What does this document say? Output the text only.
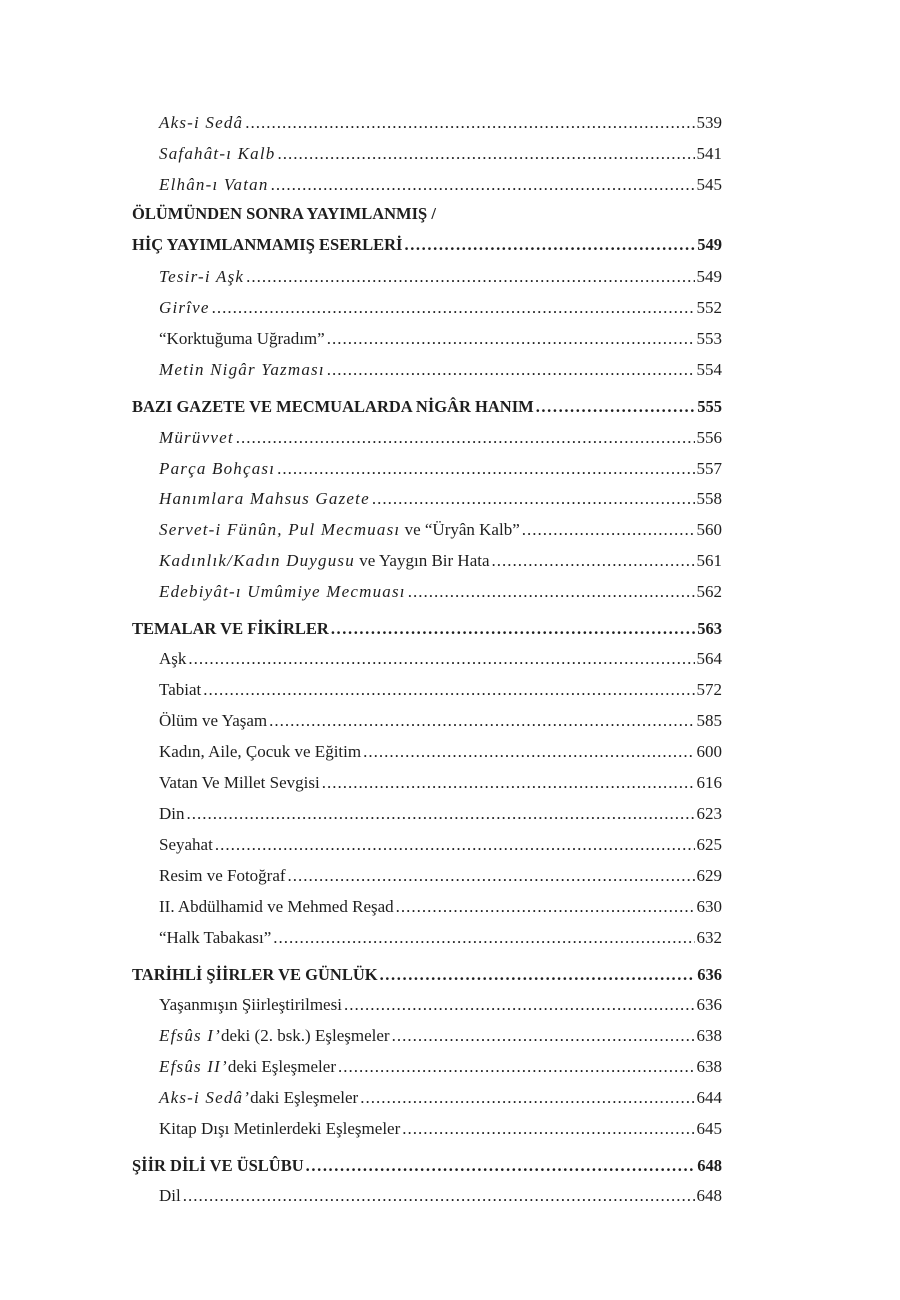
Aks-i Sedâ .....	539
Safahât-ı Kalb .....	541
Elhân-ı Vatan .....	545
ÖLÜMÜNDEN SONRA YAYIMLANMIŞ /
HİÇ YAYIMLANMAMIŞ ESERLERİ .....	549
Tesir-i Aşk .....	549
Girîve .....	552
“Korktuğuma Uğradım” .....	553
Metin Nigâr Yazması .....	554
BAZI GAZETE VE MECMUALARDA NİGÂR HANIM .....	555
Mürüvvet .....	556
Parça Bohçası .....	557
Hanımlara Mahsus Gazete .....	558
Servet-i Fünûn, Pul Mecmuası ve “Üryân Kalb” .....	560
Kadınlık/Kadın Duygusu ve Yaygın Bir Hata .....	561
Edebiyât-ı Umûmiye Mecmuası .....	562
TEMALAR VE FİKİRLER .....	563
Aşk .....	564
Tabiat .....	572
Ölüm ve Yaşam .....	585
Kadın, Aile, Çocuk ve Eğitim .....	600
Vatan Ve Millet Sevgisi .....	616
Din .....	623
Seyahat .....	625
Resim ve Fotoğraf .....	629
II. Abdülhamid ve Mehmed Reşad .....	630
“Halk Tabakası” .....	632
TARİHLİ ŞİİRLER VE GÜNLÜK .....	636
Yaşanmışın Şiirleştirilmesi .....	636
Efsûs I’deki (2. bsk.) Eşleşmeler .....	638
Efsûs II’deki Eşleşmeler .....	638
Aks-i Sedâ’daki Eşleşmeler .....	644
Kitap Dışı Metinlerdeki Eşleşmeler .....	645
ŞİİR DİLİ VE ÜSLÛBU .....	648
Dil .....	648
